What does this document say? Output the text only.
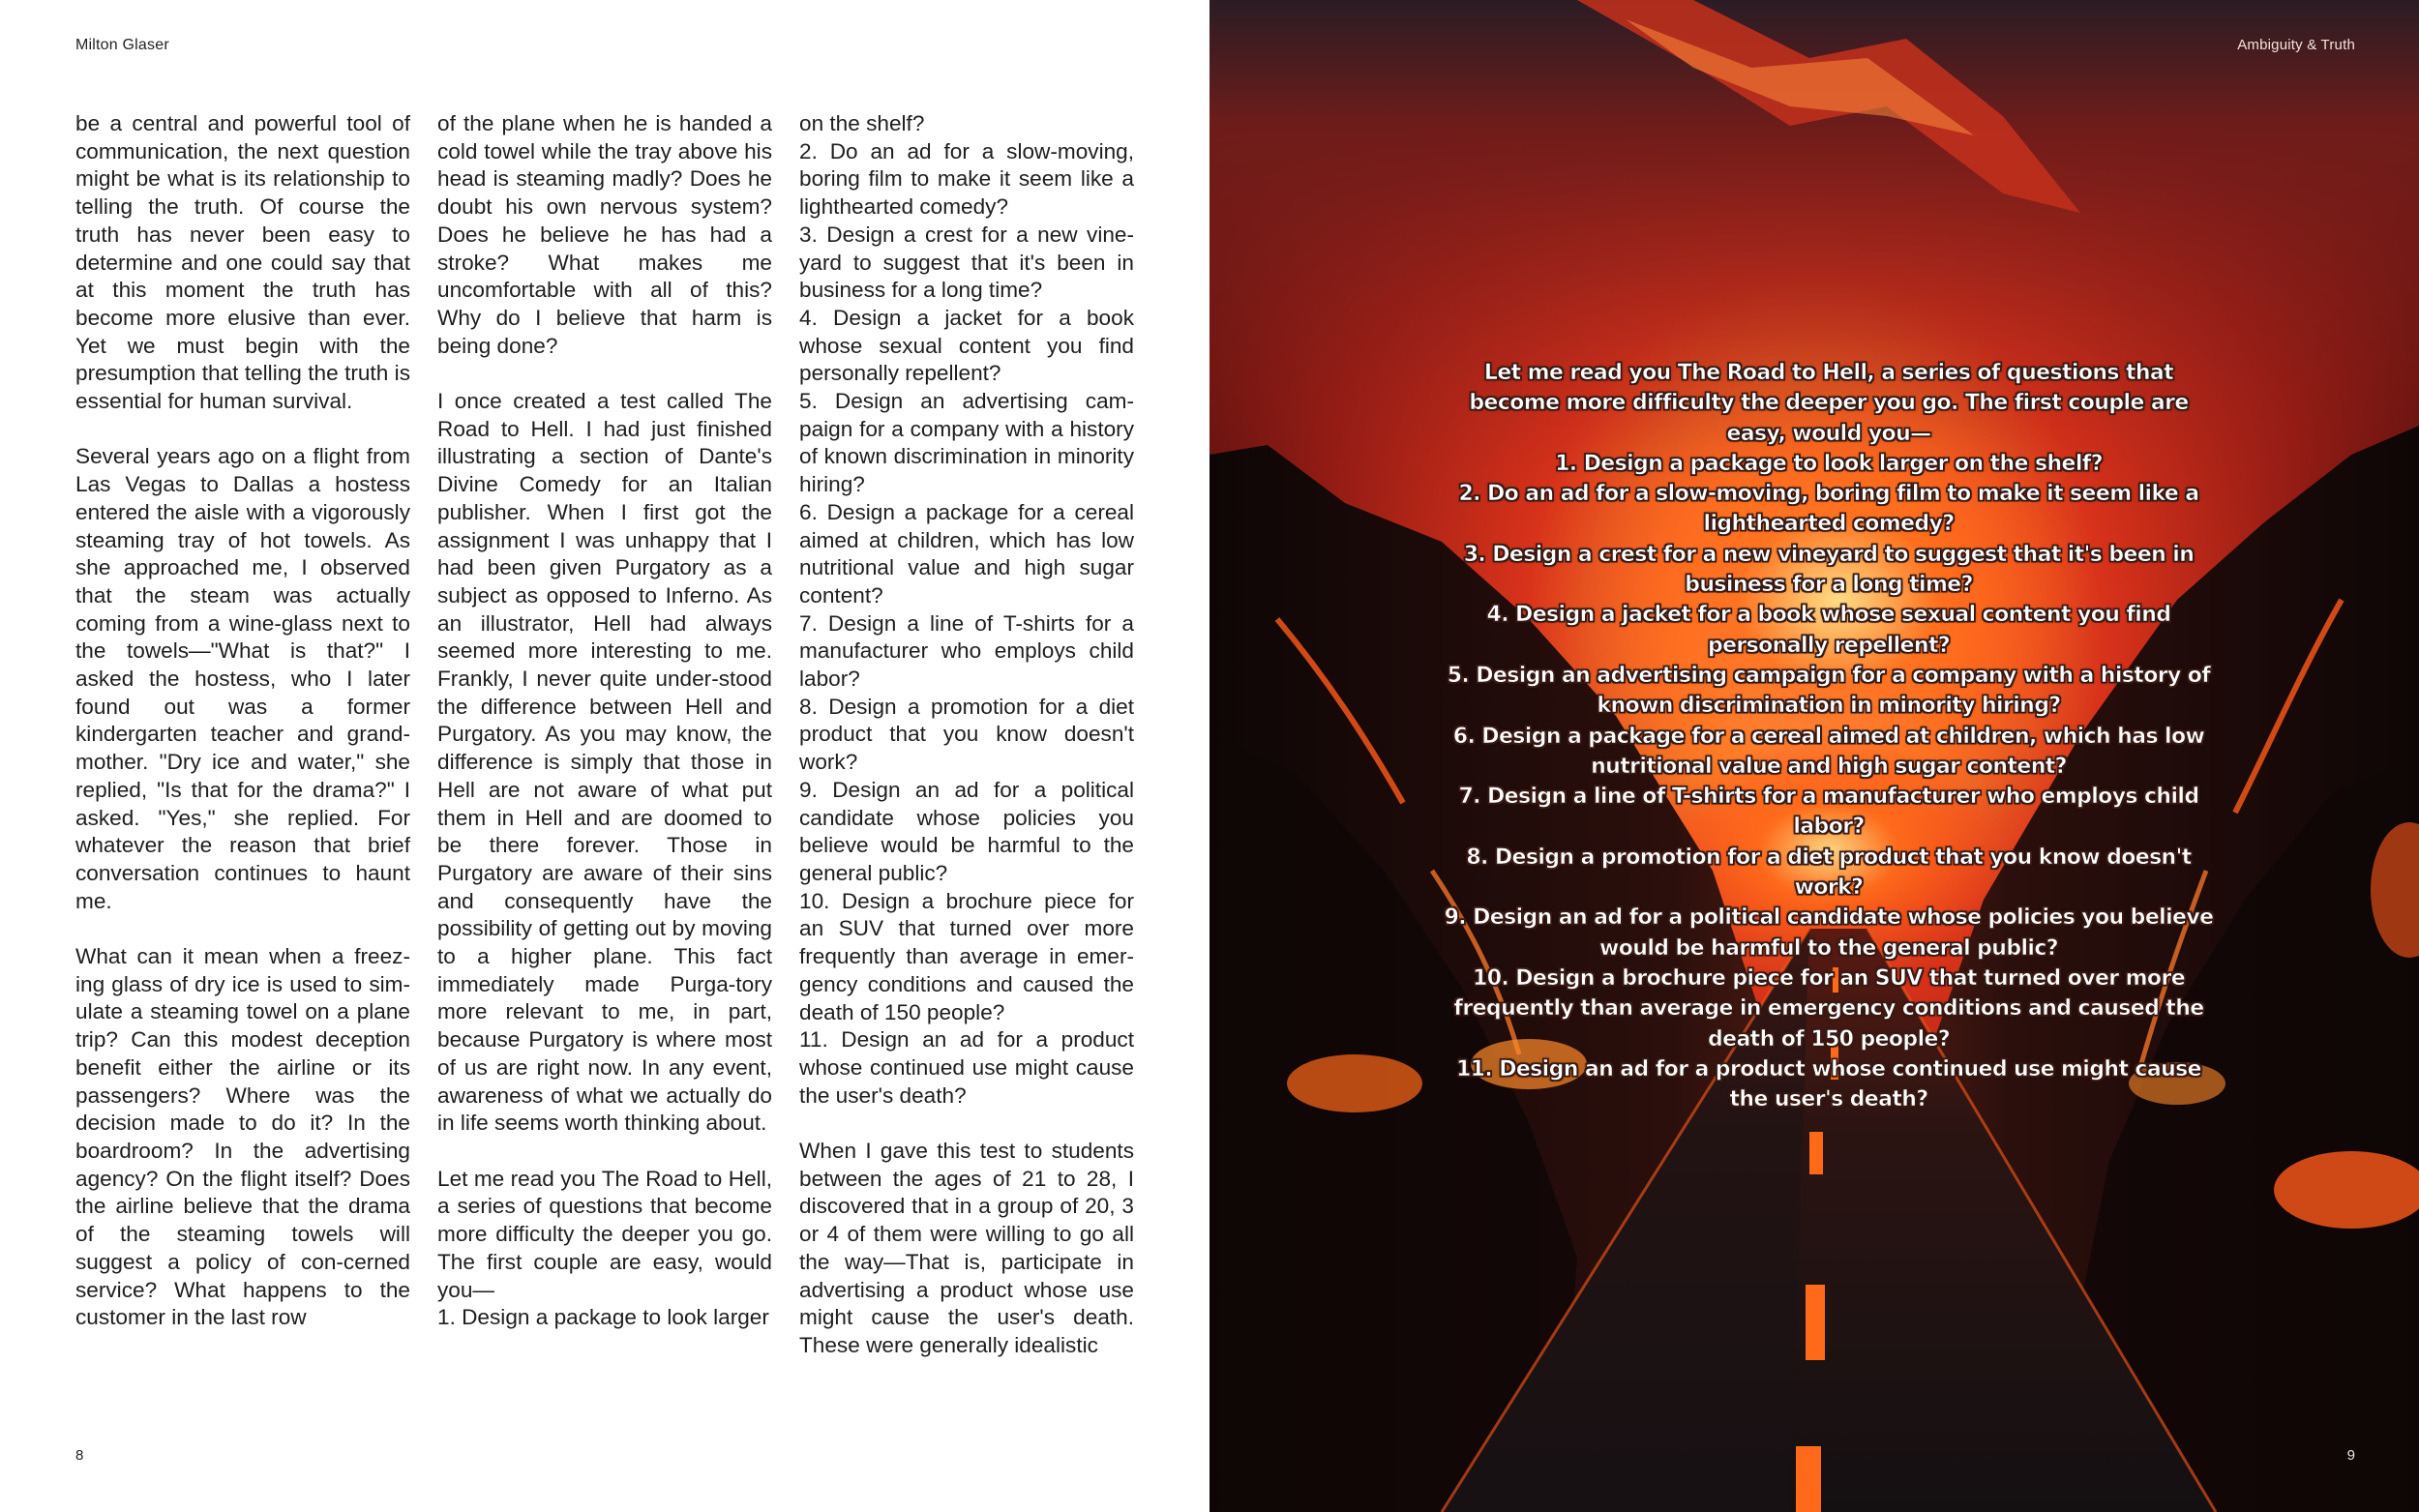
Milton Glaser

be a central and powerful tool of communication, the next question might be what is its relationship to telling the truth. Of course the truth has never been easy to determine and one could say that at this moment the truth has become more elusive than ever. Yet we must begin with the presumption that telling the truth is essential for human survival.

Several years ago on a flight from Las Vegas to Dallas a hostess entered the aisle with a vigorously steaming tray of hot towels. As she approached me, I observed that the steam was actually coming from a wine-glass next to the towels—"What is that?" I asked the hostess, who I later found out was a former kindergarten teacher and grand-mother. "Dry ice and water," she replied, "Is that for the drama?" I asked. "Yes," she replied. For whatever the reason that brief conversation continues to haunt me.

What can it mean when a freez-ing glass of dry ice is used to sim-ulate a steaming towel on a plane trip? Can this modest deception benefit either the airline or its passengers? Where was the decision made to do it? In the boardroom? In the advertising agency? On the flight itself? Does the airline believe that the drama of the steaming towels will suggest a policy of con-cerned service? What happens to the customer in the last row

of the plane when he is handed a cold towel while the tray above his head is steaming madly? Does he doubt his own nervous system? Does he believe he has had a stroke? What makes me uncomfortable with all of this? Why do I believe that harm is being done?

I once created a test called The Road to Hell. I had just finished illustrating a section of Dante's Divine Comedy for an Italian publisher. When I first got the assignment I was unhappy that I had been given Purgatory as a subject as opposed to Inferno. As an illustrator, Hell had always seemed more interesting to me. Frankly, I never quite under-stood the difference between Hell and Purgatory. As you may know, the difference is simply that those in Hell are not aware of what put them in Hell and are doomed to be there forever. Those in Purgatory are aware of their sins and consequently have the possibility of getting out by moving to a higher plane. This fact immediately made Purga-tory more relevant to me, in part, because Purgatory is where most of us are right now. In any event, awareness of what we actually do in life seems worth thinking about.

Let me read you The Road to Hell, a series of questions that become more difficulty the deeper you go. The first couple are easy, would you—

1. Design a package to look larger

on the shelf?

2. Do an ad for a slow-moving, boring film to make it seem like a lighthearted comedy?

3. Design a crest for a new vine-yard to suggest that it's been in business for a long time?

4. Design a jacket for a book whose sexual content you find personally repellent?

5. Design an advertising cam-paign for a company with a history of known discrimination in minority hiring?

6. Design a package for a cereal aimed at children, which has low nutritional value and high sugar content?

7. Design a line of T-shirts for a manufacturer who employs child labor?

8. Design a promotion for a diet product that you know doesn't work?

9. Design an ad for a political candidate whose policies you believe would be harmful to the general public?

10. Design a brochure piece for an SUV that turned over more frequently than average in emer-gency conditions and caused the death of 150 people?

11. Design an ad for a product whose continued use might cause the user's death?

When I gave this test to students between the ages of 21 to 28, I discovered that in a group of 20, 3 or 4 of them were willing to go all the way—That is, participate in advertising a product whose use might cause the user's death. These were generally idealistic

8
Ambiguity & Truth

Let me read you The Road to Hell, a series of questions that become more difficulty the deeper you go. The first couple are easy, would you—

1. Design a package to look larger on the shelf?

2. Do an ad for a slow-moving, boring film to make it seem like a lighthearted comedy?

3. Design a crest for a new vineyard to suggest that it's been in business for a long time?

4. Design a jacket for a book whose sexual content you find personally repellent?

5. Design an advertising campaign for a company with a history of known discrimination in minority hiring?

6. Design a package for a cereal aimed at children, which has low nutritional value and high sugar content?

7. Design a line of T-shirts for a manufacturer who employs child labor?

8. Design a promotion for a diet product that you know doesn't work?

9. Design an ad for a political candidate whose policies you believe would be harmful to the general public?

10. Design a brochure piece for an SUV that turned over more frequently than average in emergency conditions and caused the death of 150 people?

11. Design an ad for a product whose continued use might cause the user's death?

9
